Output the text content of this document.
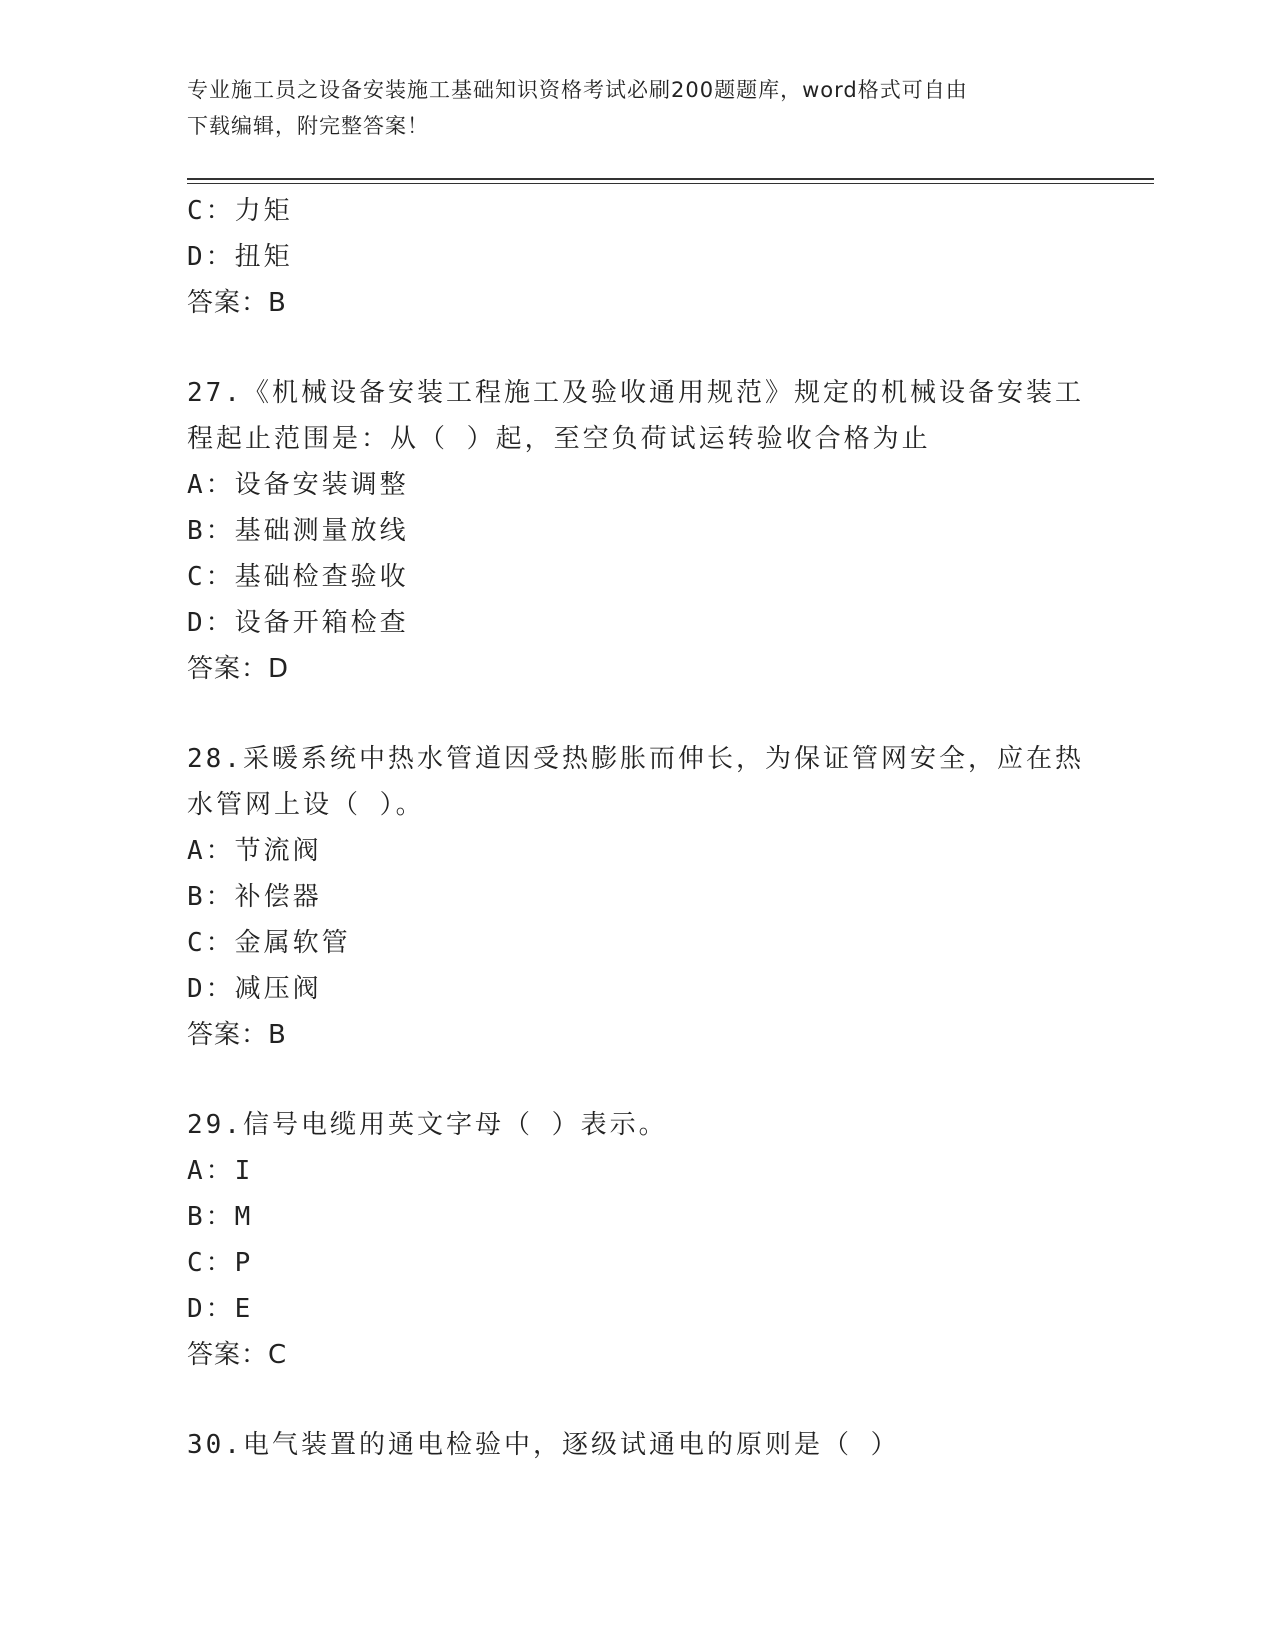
专业施工员之设备安装施工基础知识资格考试必刷200题题库，word格式可自由
下载编辑，附完整答案！
C：力矩
D：扭矩
答案：B
27.《机械设备安装工程施工及验收通用规范》规定的机械设备安装工
程起止范围是：从（ ）起，至空负荷试运转验收合格为止
A：设备安装调整
B：基础测量放线
C：基础检查验收
D：设备开箱检查
答案：D
28.采暖系统中热水管道因受热膨胀而伸长，为保证管网安全，应在热
水管网上设（ ）。
A：节流阀
B：补偿器
C：金属软管
D：减压阀
答案：B
29.信号电缆用英文字母（ ）表示。
A：I
B：M
C：P
D：E
答案：C
30.电气装置的通电检验中，逐级试通电的原则是（ ）
